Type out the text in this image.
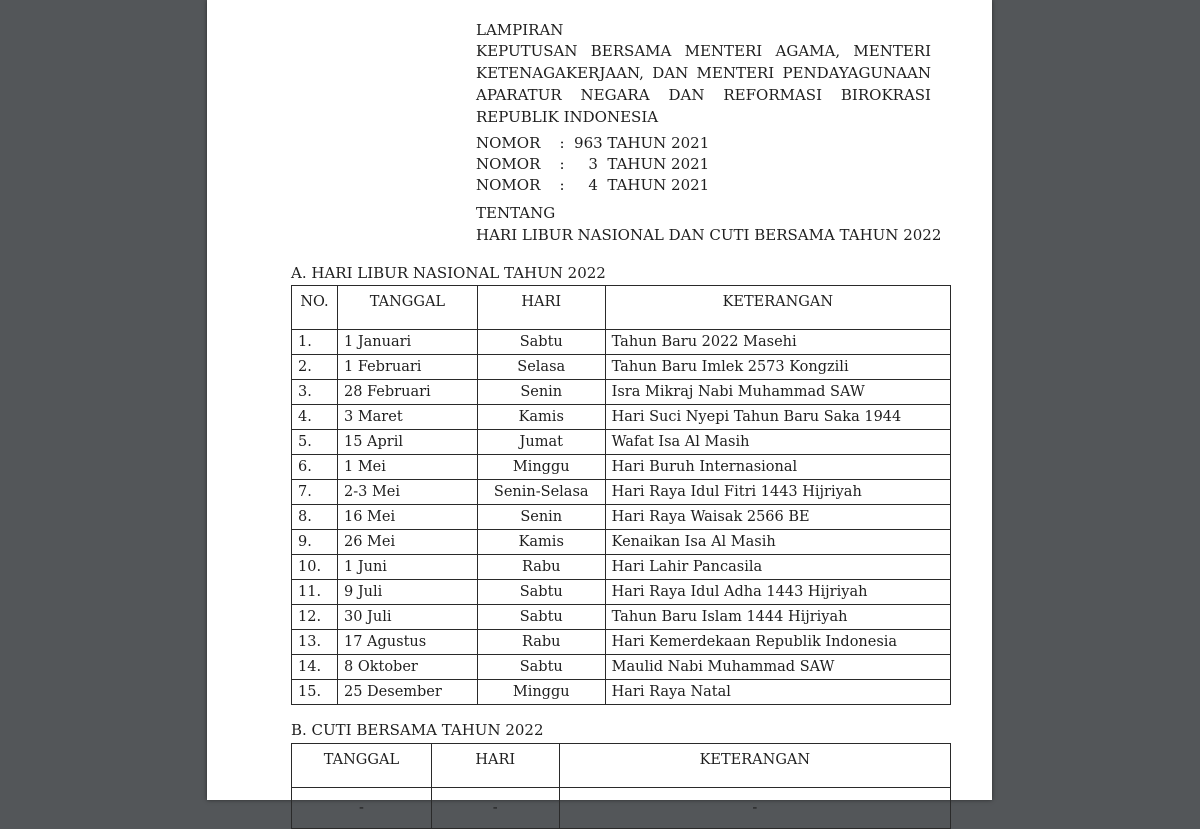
LAMPIRAN
KEPUTUSAN BERSAMA MENTERI AGAMA, MENTERI
KETENAGAKERJAAN, DAN MENTERI PENDAYAGUNAAN
APARATUR NEGARA DAN REFORMASI BIROKRASI
REPUBLIK INDONESIA
NOMOR    :  963 TAHUN 2021
NOMOR    :     3  TAHUN 2021
NOMOR    :     4  TAHUN 2021
TENTANG
HARI LIBUR NASIONAL DAN CUTI BERSAMA TAHUN 2022
A. HARI LIBUR NASIONAL TAHUN 2022
NO.	TANGGAL	HARI	KETERANGAN
1.	1 Januari	Sabtu	Tahun Baru 2022 Masehi
2.	1 Februari	Selasa	Tahun Baru Imlek 2573 Kongzili
3.	28 Februari	Senin	Isra Mikraj Nabi Muhammad SAW
4.	3 Maret	Kamis	Hari Suci Nyepi Tahun Baru Saka 1944
5.	15 April	Jumat	Wafat Isa Al Masih
6.	1 Mei	Minggu	Hari Buruh Internasional
7.	2-3 Mei	Senin-Selasa	Hari Raya Idul Fitri 1443 Hijriyah
8.	16 Mei	Senin	Hari Raya Waisak 2566 BE
9.	26 Mei	Kamis	Kenaikan Isa Al Masih
10.	1 Juni	Rabu	Hari Lahir Pancasila
11.	9 Juli	Sabtu	Hari Raya Idul Adha 1443 Hijriyah
12.	30 Juli	Sabtu	Tahun Baru Islam 1444 Hijriyah
13.	17 Agustus	Rabu	Hari Kemerdekaan Republik Indonesia
14.	8 Oktober	Sabtu	Maulid Nabi Muhammad SAW
15.	25 Desember	Minggu	Hari Raya Natal
B. CUTI BERSAMA TAHUN 2022
TANGGAL	HARI	KETERANGAN
-	-	-
